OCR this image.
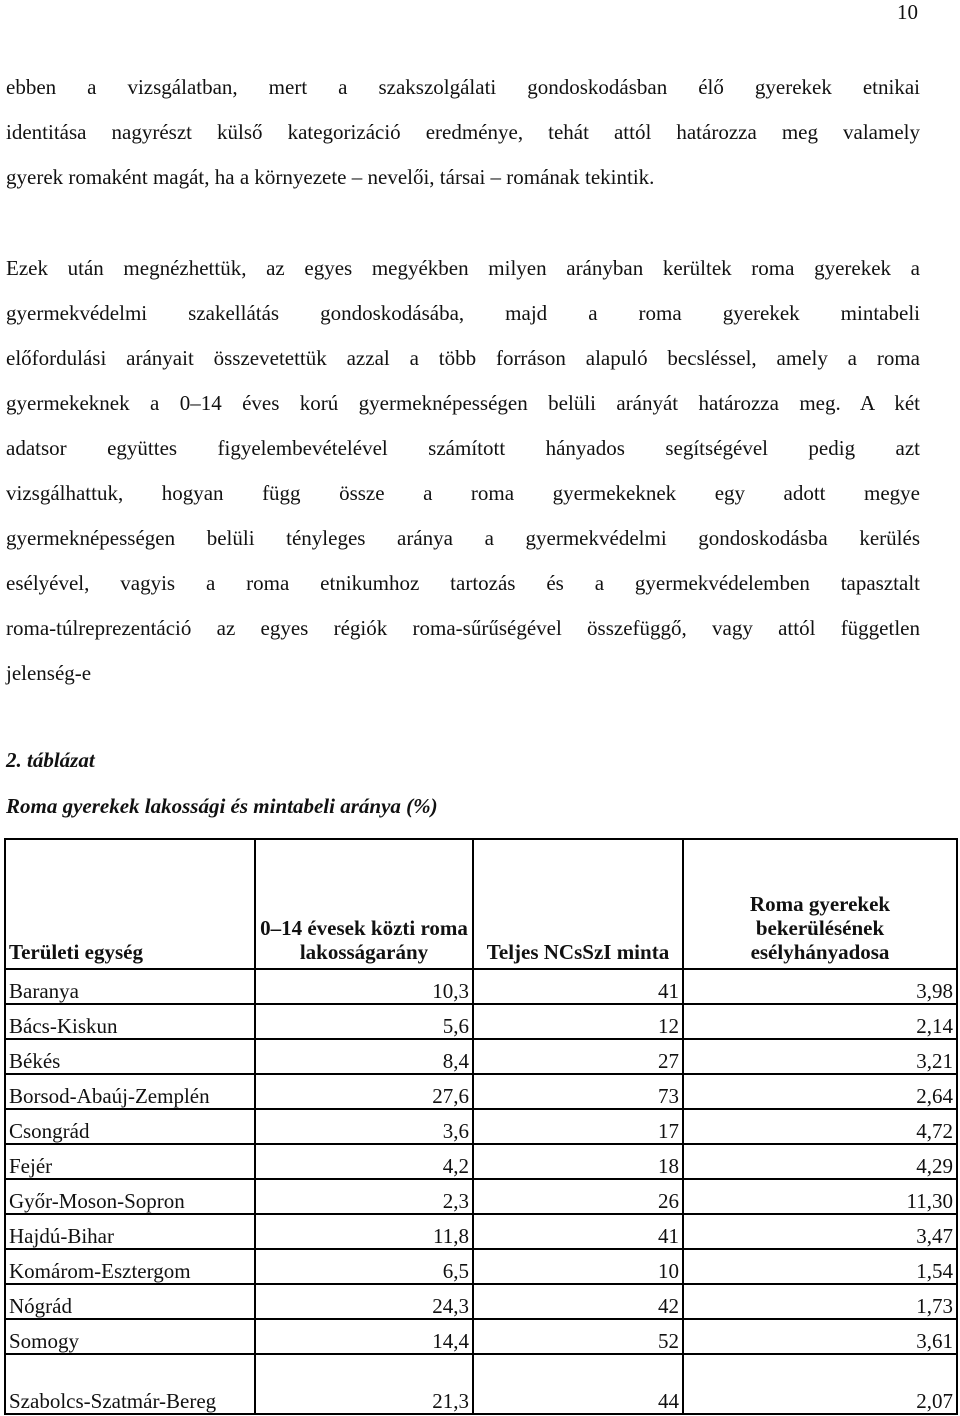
10
ebben a vizsgálatban, mert a szakszolgálati gondoskodásban élő gyerekek etnikai
identitása nagyrészt külső kategorizáció eredménye, tehát attól határozza meg valamely
gyerek romaként magát, ha a környezete – nevelői, társai – romának tekintik.
Ezek után megnézhettük, az egyes megyékben milyen arányban kerültek roma gyerekek a
gyermekvédelmi szakellátás gondoskodásába, majd a roma gyerekek mintabeli
előfordulási arányait összevetettük azzal a több forráson alapuló becsléssel, amely a roma
gyermekeknek a 0–14 éves korú gyermeknépességen belüli arányát határozza meg. A két
adatsor együttes figyelembevételével számított hányados segítségével pedig azt
vizsgálhattuk, hogyan függ össze a roma gyermekeknek egy adott megye
gyermeknépességen belüli tényleges aránya a gyermekvédelmi gondoskodásba kerülés
esélyével, vagyis a roma etnikumhoz tartozás és a gyermekvédelemben tapasztalt
roma-túlreprezentáció az egyes régiók roma-sűrűségével összefüggő, vagy attól független
jelenség-e
2. táblázat
Roma gyerekek lakossági és mintabeli aránya (%)
Területi egység	0–14 évesek közti roma lakosságarány	Teljes NCsSzI minta	Roma gyerekek bekerülésének esélyhányadosa
Baranya	10,3	41	3,98
Bács-Kiskun	5,6	12	2,14
Békés	8,4	27	3,21
Borsod-Abaúj-Zemplén	27,6	73	2,64
Csongrád	3,6	17	4,72
Fejér	4,2	18	4,29
Győr-Moson-Sopron	2,3	26	11,30
Hajdú-Bihar	11,8	41	3,47
Komárom-Esztergom	6,5	10	1,54
Nógrád	24,3	42	1,73
Somogy	14,4	52	3,61
Szabolcs-Szatmár-Bereg	21,3	44	2,07
